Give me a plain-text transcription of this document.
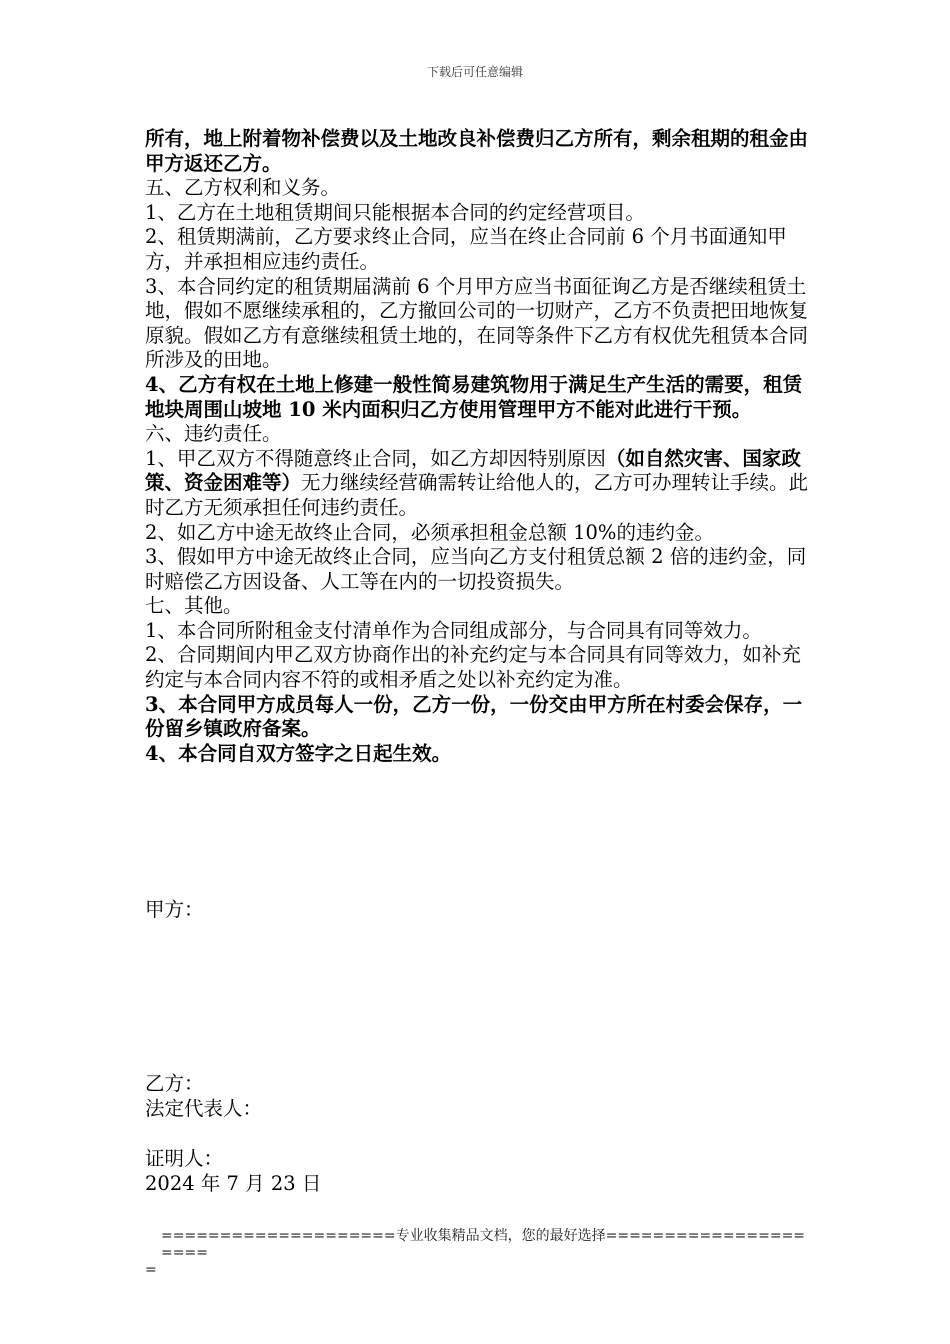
下载后可任意编辑

所有，地上附着物补偿费以及土地改良补偿费归乙方所有，剩余租期的租金由甲方返还乙方。

五、乙方权利和义务。

1、乙方在土地租赁期间只能根据本合同的约定经营项目。

2、租赁期满前，乙方要求终止合同，应当在终止合同前 6 个月书面通知甲方，并承担相应违约责任。

3、本合同约定的租赁期届满前 6 个月甲方应当书面征询乙方是否继续租赁土地，假如不愿继续承租的，乙方撤回公司的一切财产，乙方不负责把田地恢复原貌。假如乙方有意继续租赁土地的，在同等条件下乙方有权优先租赁本合同所涉及的田地。

4、乙方有权在土地上修建一般性简易建筑物用于满足生产生活的需要，租赁地块周围山坡地 10 米内面积归乙方使用管理甲方不能对此进行干预。

六、违约责任。

1、甲乙双方不得随意终止合同，如乙方却因特别原因（如自然灾害、国家政策、资金困难等）无力继续经营确需转让给他人的，乙方可办理转让手续。此时乙方无须承担任何违约责任。

2、如乙方中途无故终止合同，必须承担租金总额 10%的违约金。

3、假如甲方中途无故终止合同，应当向乙方支付租赁总额 2 倍的违约金，同时赔偿乙方因设备、人工等在内的一切投资损失。

七、其他。

1、本合同所附租金支付清单作为合同组成部分，与合同具有同等效力。

2、合同期间内甲乙双方协商作出的补充约定与本合同具有同等效力，如补充约定与本合同内容不符的或相矛盾之处以补充约定为准。

3、本合同甲方成员每人一份，乙方一份，一份交由甲方所在村委会保存，一份留乡镇政府备案。

4、本合同自双方签字之日起生效。

甲方：

乙方：

法定代表人：

证明人：

2024 年 7 月 23 日

====================专业收集精品文档，您的最好选择=====================
=
